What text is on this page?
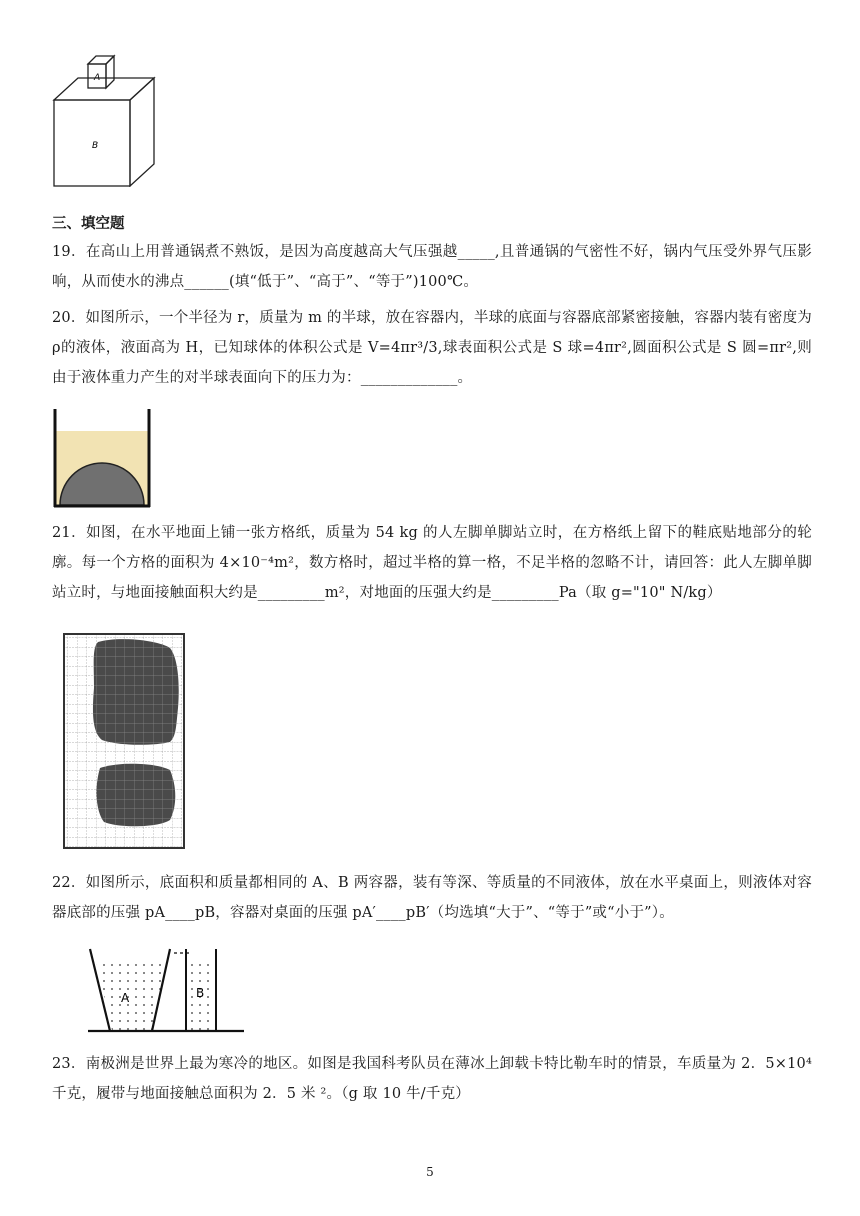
A
B
三、填空题
19．在高山上用普通锅煮不熟饭，是因为高度越高大气压强越_____,且普通锅的气密性不好，锅内气压受外界气压影响，从而使水的沸点______(填“低于”、“高于”、“等于”)100℃。
20．如图所示，一个半径为 r，质量为 m 的半球，放在容器内，半球的底面与容器底部紧密接触，容器内装有密度为ρ的液体，液面高为 H，已知球体的体积公式是 V=4πr³/3,球表面积公式是 S 球=4πr²,圆面积公式是 S 圆=πr²,则由于液体重力产生的对半球表面向下的压力为：_____________。
21．如图，在水平地面上铺一张方格纸，质量为 54 kg 的人左脚单脚站立时，在方格纸上留下的鞋底贴地部分的轮廓。每一个方格的面积为 4×10⁻⁴m²，数方格时，超过半格的算一格，不足半格的忽略不计，请回答：此人左脚单脚站立时，与地面接触面积大约是_________m²，对地面的压强大约是_________Pa（取 g="10" N/kg）
22．如图所示，底面积和质量都相同的 A、B 两容器，装有等深、等质量的不同液体，放在水平桌面上，则液体对容器底部的压强 pA____pB，容器对桌面的压强 pA′____pB′（均选填“大于”、“等于”或“小于”）。
A	B
23．南极洲是世界上最为寒冷的地区。如图是我国科考队员在薄冰上卸载卡特比勒车时的情景，车质量为 2．5×10⁴千克，履带与地面接触总面积为 2．5 米 ²。（g 取 10 牛/千克）
5
